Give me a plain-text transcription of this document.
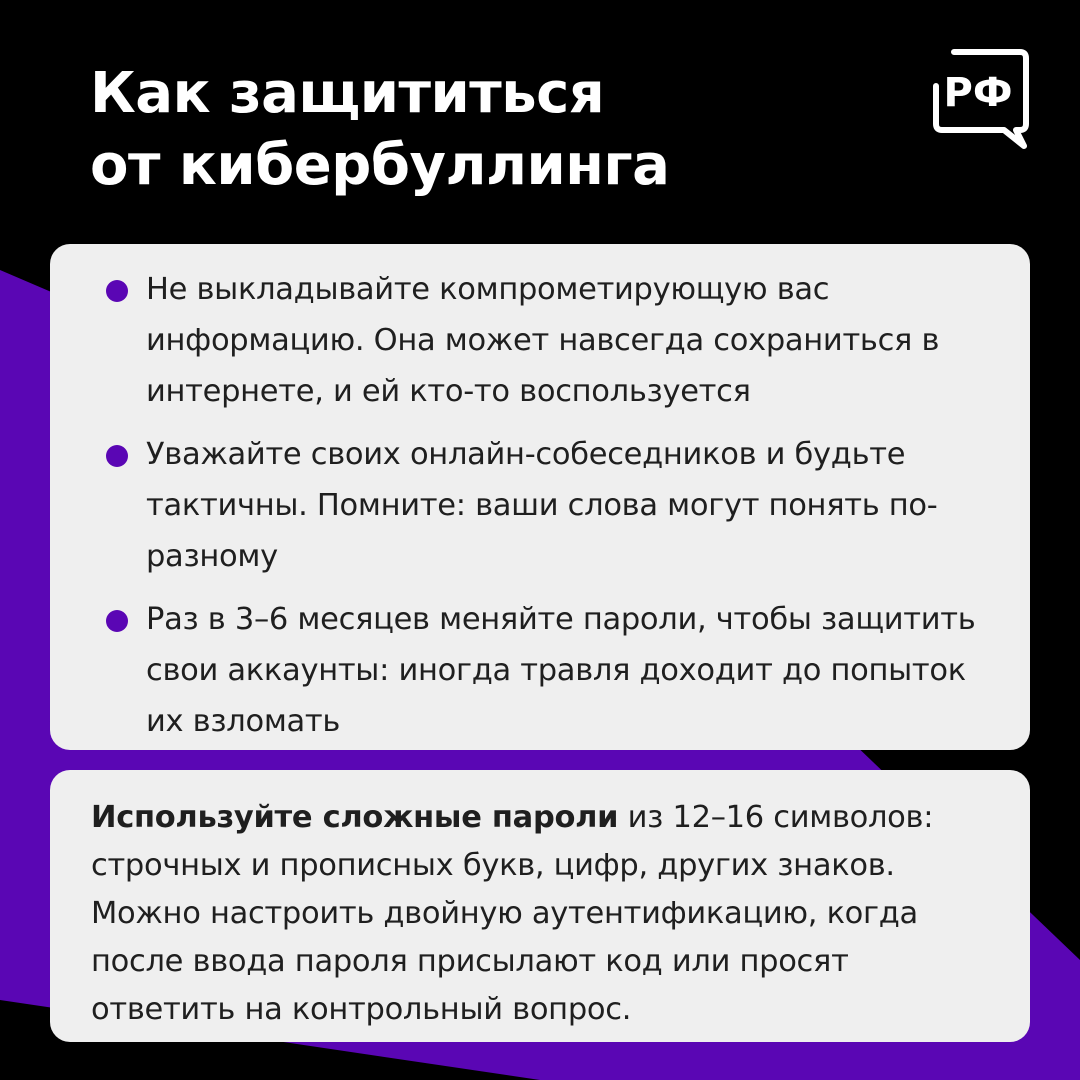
Как защититься
от кибербуллинга
РФ
Не выкладывайте компрометирующую вас информацию. Она может навсегда сохраниться в интернете, и ей кто-то воспользуется
Уважайте своих онлайн-собеседников и будьте тактичны. Помните: ваши слова могут понять по-разному
Раз в 3–6 месяцев меняйте пароли, чтобы защитить свои аккаунты: иногда травля доходит до попыток их взломать

Используйте сложные пароли из 12–16 символов: строчных и прописных букв, цифр, других знаков. Можно настроить двойную аутентификацию, когда после ввода пароля присылают код или просят ответить на контрольный вопрос.
